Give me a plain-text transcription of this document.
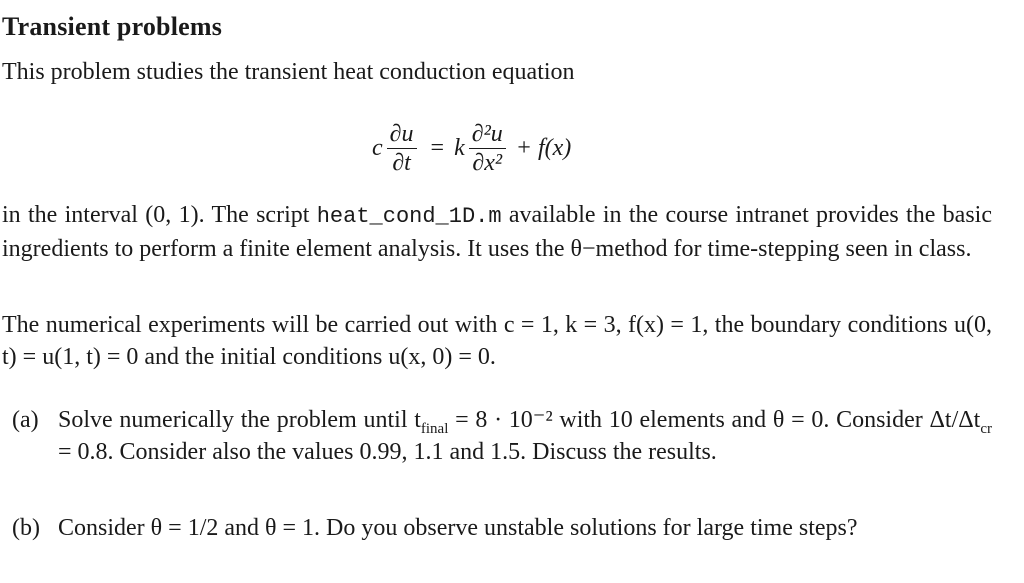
Transient problems
This problem studies the transient heat conduction equation
c $\frac{\partial u}{\partial t} = k \frac{\text{∂²u}}{\text{∂x²}} + f(x)$
in the interval (0, 1). The script heat_cond_1D.m available in the course intranet provides the basic ingredients to perform a finite element analysis. It uses the θ−method for time-stepping seen in class.
The numerical experiments will be carried out with c = 1, k = 3, f(x) = 1, the boundary conditions u(0, t) = u(1, t) = 0 and the initial conditions u(x, 0) = 0.
(a) Solve numerically the problem until $t_{final} = 8 \cdot 10^{-2}$ with 10 elements and θ = 0. Consider $\Delta t/\Delta t_{cr} = 0.8$. Consider also the values 0.99, 1.1 and 1.5. Discuss the results.
(b) Consider θ = 1/2 and θ = 1. Do you observe unstable solutions for large time steps?
